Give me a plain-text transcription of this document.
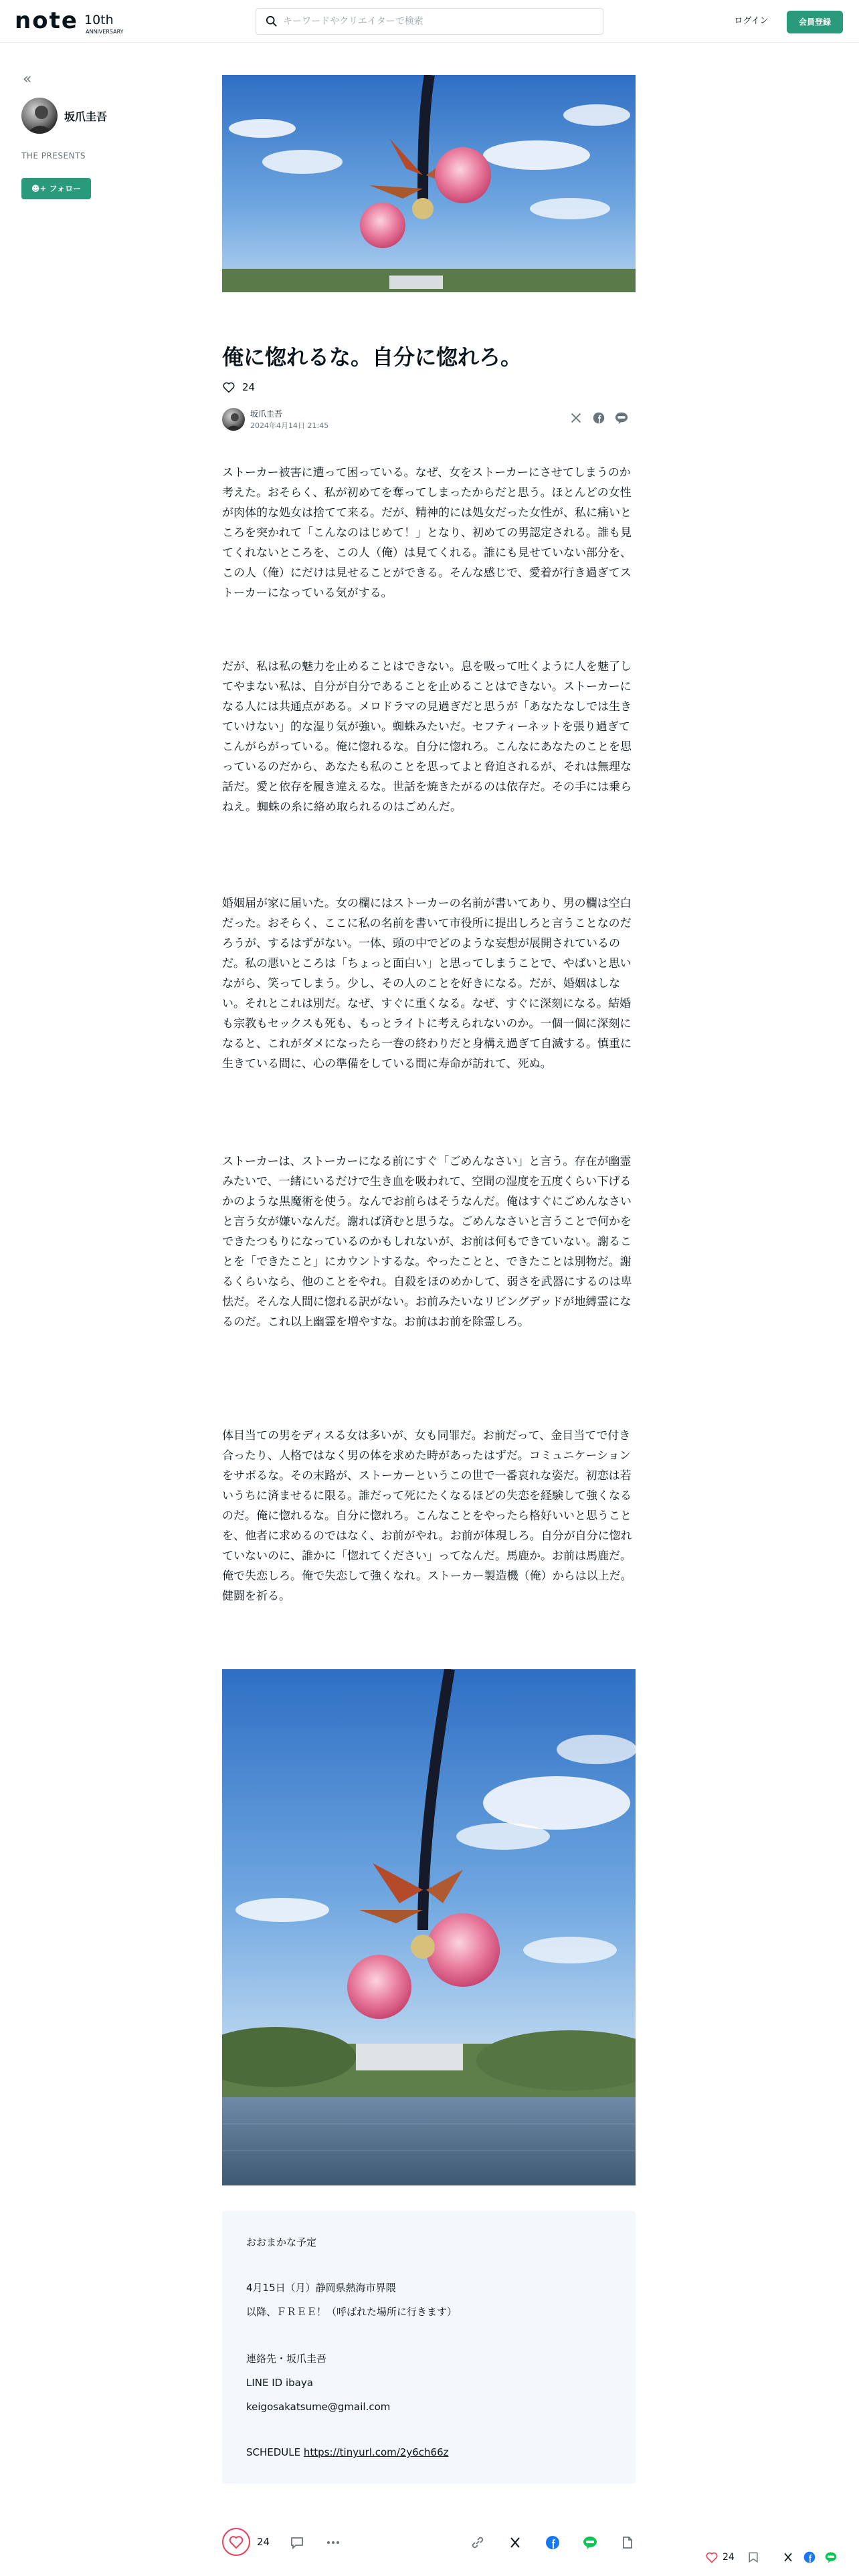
note 10th
ANNIVERSARY
キーワードやクリエイターで検索
ログイン	会員登録
«
坂爪圭吾
THE PRESENTS
☻+ フォロー
俺に惚れるな。自分に惚れろ。
24
坂爪圭吾
2024年4月14日 21:45

ストーカー被害に遭って困っている。なぜ、女をストーカーにさせてしまうのか考えた。おそらく、私が初めてを奪ってしまったからだと思う。ほとんどの女性が肉体的な処女は捨てて来る。だが、精神的には処女だった女性が、私に痛いところを突かれて「こんなのはじめて！」となり、初めての男認定される。誰も見てくれないところを、この人（俺）は見てくれる。誰にも見せていない部分を、この人（俺）にだけは見せることができる。そんな感じで、愛着が行き過ぎてストーカーになっている気がする。

だが、私は私の魅力を止めることはできない。息を吸って吐くように人を魅了してやまない私は、自分が自分であることを止めることはできない。ストーカーになる人には共通点がある。メロドラマの見過ぎだと思うが「あなたなしでは生きていけない」的な湿り気が強い。蜘蛛みたいだ。セフティーネットを張り過ぎてこんがらがっている。俺に惚れるな。自分に惚れろ。こんなにあなたのことを思っているのだから、あなたも私のことを思ってよと脅迫されるが、それは無理な話だ。愛と依存を履き違えるな。世話を焼きたがるのは依存だ。その手には乗らねえ。蜘蛛の糸に絡め取られるのはごめんだ。

婚姻届が家に届いた。女の欄にはストーカーの名前が書いてあり、男の欄は空白だった。おそらく、ここに私の名前を書いて市役所に提出しろと言うことなのだろうが、するはずがない。一体、頭の中でどのような妄想が展開されているのだ。私の悪いところは「ちょっと面白い」と思ってしまうことで、やばいと思いながら、笑ってしまう。少し、その人のことを好きになる。だが、婚姻はしない。それとこれは別だ。なぜ、すぐに重くなる。なぜ、すぐに深刻になる。結婚も宗教もセックスも死も、もっとライトに考えられないのか。一個一個に深刻になると、これがダメになったら一巻の終わりだと身構え過ぎて自滅する。慎重に生きている間に、心の準備をしている間に寿命が訪れて、死ぬ。

ストーカーは、ストーカーになる前にすぐ「ごめんなさい」と言う。存在が幽霊みたいで、一緒にいるだけで生き血を吸われて、空間の湿度を五度くらい下げるかのような黒魔術を使う。なんでお前らはそうなんだ。俺はすぐにごめんなさいと言う女が嫌いなんだ。謝れば済むと思うな。ごめんなさいと言うことで何かをできたつもりになっているのかもしれないが、お前は何もできていない。謝ることを「できたこと」にカウントするな。やったことと、できたことは別物だ。謝るくらいなら、他のことをやれ。自殺をほのめかして、弱さを武器にするのは卑怯だ。そんな人間に惚れる訳がない。お前みたいなリビングデッドが地縛霊になるのだ。これ以上幽霊を増やすな。お前はお前を除霊しろ。

体目当ての男をディスる女は多いが、女も同罪だ。お前だって、金目当てで付き合ったり、人格ではなく男の体を求めた時があったはずだ。コミュニケーションをサボるな。その末路が、ストーカーというこの世で一番哀れな姿だ。初恋は若いうちに済ませるに限る。誰だって死にたくなるほどの失恋を経験して強くなるのだ。俺に惚れるな。自分に惚れろ。こんなことをやったら格好いいと思うことを、他者に求めるのではなく、お前がやれ。お前が体現しろ。自分が自分に惚れていないのに、誰かに「惚れてください」ってなんだ。馬鹿か。お前は馬鹿だ。俺で失恋しろ。俺で失恋して強くなれ。ストーカー製造機（俺）からは以上だ。健闘を祈る。

おおまかな予定
4月15日（月）静岡県熱海市界隈
以降、ＦＲＥＥ！（呼ばれた場所に行きます）
連絡先・坂爪圭吾
LINE ID ibaya
keigosakatsume@gmail.com
SCHEDULE https://tinyurl.com/2y6ch66z
24
24
